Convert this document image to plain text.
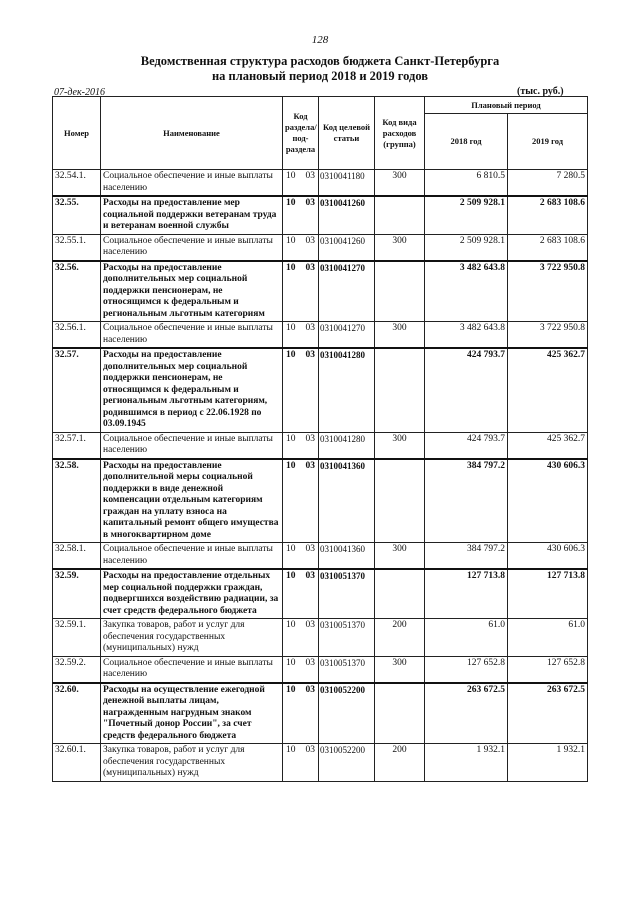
128
Ведомственная структура расходов бюджета Санкт-Петербурга
на плановый период 2018 и 2019 годов
07-дек-2016	(тыс. руб.)
Номер	Наименование	Код раздела/ под-раздела	Код целевой статьи	Код вида расходов (группа)	Плановый период	
					2018 год	2019 год
32.54.1.	Социальное обеспечение и иные выплаты населению	10 03	0310041180	300	6 810.5	7 280.5
32.55.	Расходы на предоставление мер социальной поддержки ветеранам труда и ветеранам военной службы	10 03	0310041260		2 509 928.1	2 683 108.6
32.55.1.	Социальное обеспечение и иные выплаты населению	10 03	0310041260	300	2 509 928.1	2 683 108.6
32.56.	Расходы на предоставление дополнительных мер социальной поддержки пенсионерам, не относящимся к федеральным и региональным льготным категориям	10 03	0310041270		3 482 643.8	3 722 950.8
32.56.1.	Социальное обеспечение и иные выплаты населению	10 03	0310041270	300	3 482 643.8	3 722 950.8
32.57.	Расходы на предоставление дополнительных мер социальной поддержки пенсионерам, не относящимся к федеральным и региональным льготным категориям, родившимся в период с 22.06.1928 по 03.09.1945	10 03	0310041280		424 793.7	425 362.7
32.57.1.	Социальное обеспечение и иные выплаты населению	10 03	0310041280	300	424 793.7	425 362.7
32.58.	Расходы на предоставление дополнительной меры социальной поддержки в виде денежной компенсации отдельным категориям граждан на уплату взноса на капитальный ремонт общего имущества в многоквартирном доме	10 03	0310041360		384 797.2	430 606.3
32.58.1.	Социальное обеспечение и иные выплаты населению	10 03	0310041360	300	384 797.2	430 606.3
32.59.	Расходы на предоставление отдельных мер социальной поддержки граждан, подвергшихся воздействию радиации, за счет средств федерального бюджета	10 03	0310051370		127 713.8	127 713.8
32.59.1.	Закупка товаров, работ и услуг для обеспечения государственных (муниципальных) нужд	10 03	0310051370	200	61.0	61.0
32.59.2.	Социальное обеспечение и иные выплаты населению	10 03	0310051370	300	127 652.8	127 652.8
32.60.	Расходы на осуществление ежегодной денежной выплаты лицам, награжденным нагрудным знаком "Почетный донор России", за счет средств федерального бюджета	10 03	0310052200		263 672.5	263 672.5
32.60.1.	Закупка товаров, работ и услуг для обеспечения государственных (муниципальных) нужд	10 03	0310052200	200	1 932.1	1 932.1
